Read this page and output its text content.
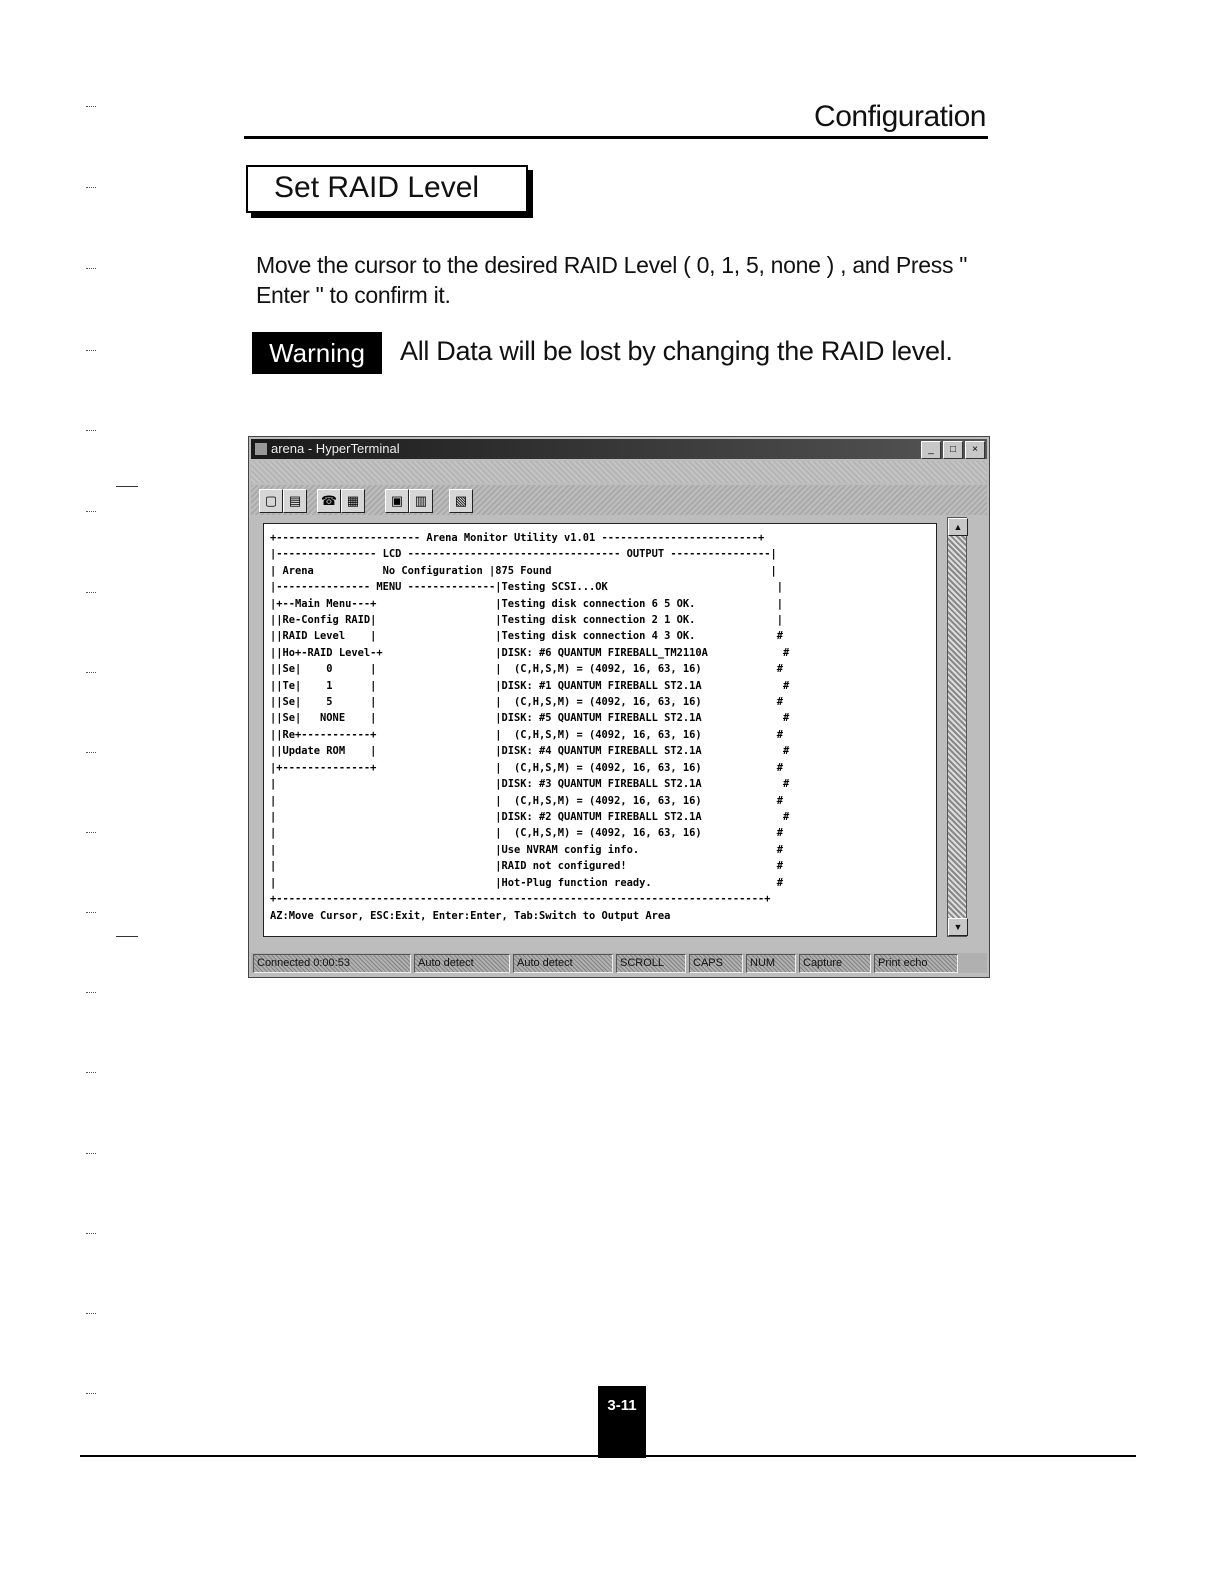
Configuration
Set RAID Level
Move the cursor to the desired RAID Level ( 0, 1, 5, none ) , and Press " Enter " to confirm it.
Warning	All Data will be lost by changing the RAID level.
arena - HyperTerminal	_	□	×
▢ ▤	☎ ▦	▣ ▥	▧
+----------------------- Arena Monitor Utility v1.01 -------------------------+
|---------------- LCD ---------------------------------- OUTPUT ----------------|
| Arena           No Configuration |875 Found                                   |
|--------------- MENU --------------|Testing SCSI...OK                           |
|+--Main Menu---+                   |Testing disk connection 6 5 OK.             |
||Re-Config RAID|                   |Testing disk connection 2 1 OK.             |
||RAID Level    |                   |Testing disk connection 4 3 OK.             #
||Ho+-RAID Level-+                  |DISK: #6 QUANTUM FIREBALL_TM2110A            #
||Se|    0      |                   |  (C,H,S,M) = (4092, 16, 63, 16)            #
||Te|    1      |                   |DISK: #1 QUANTUM FIREBALL ST2.1A             #
||Se|    5      |                   |  (C,H,S,M) = (4092, 16, 63, 16)            #
||Se|   NONE    |                   |DISK: #5 QUANTUM FIREBALL ST2.1A             #
||Re+-----------+                   |  (C,H,S,M) = (4092, 16, 63, 16)            #
||Update ROM    |                   |DISK: #4 QUANTUM FIREBALL ST2.1A             #
|+--------------+                   |  (C,H,S,M) = (4092, 16, 63, 16)            #
|                                   |DISK: #3 QUANTUM FIREBALL ST2.1A             #
|                                   |  (C,H,S,M) = (4092, 16, 63, 16)            #
|                                   |DISK: #2 QUANTUM FIREBALL ST2.1A             #
|                                   |  (C,H,S,M) = (4092, 16, 63, 16)            #
|                                   |Use NVRAM config info.                      #
|                                   |RAID not configured!                        #
|                                   |Hot-Plug function ready.                    #
+------------------------------------------------------------------------------+
AZ:Move Cursor, ESC:Exit, Enter:Enter, Tab:Switch to Output Area
▲
▼
Connected 0:00:53	Auto detect	Auto detect	SCROLL	CAPS	NUM	Capture	Print echo
3-11
